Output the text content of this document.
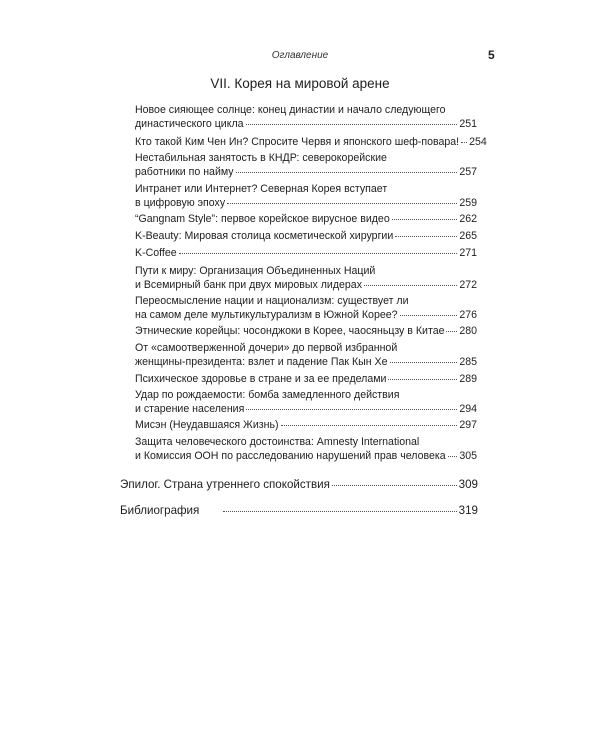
Оглавление	5
VII. Корея на мировой арене
Новое сияющее солнце: конец династии и начало следующего
династического цикла	251
Кто такой Ким Чен Ин? Спросите Червя и японского шеф-повара! 254
Нестабильная занятость в КНДР: северокорейские
работники по найму	257
Интранет или Интернет? Северная Корея вступает
в цифровую эпоху	259
“Gangnam Style”: первое корейское вирусное видео	262
K-Beauty: Мировая столица косметической хирургии	265
K-Coffee	271
Пути к миру: Организация Объединенных Наций
и Всемирный банк при двух мировых лидерах	272
Переосмысление нации и национализм: существует ли
на самом деле мультикультурализм в Южной Корее?	276
Этнические корейцы: чосонджоки в Корее, чаосяньцзу в Китае 280
От «самоотверженной дочери» до первой избранной
женщины-президента: взлет и падение Пак Кын Хе	285
Психическое здоровье в стране и за ее пределами	289
Удар по рождаемости: бомба замедленного действия
и старение населения	294
Мисэн (Неудавшаяся Жизнь)	297
Защита человеческого достоинства: Amnesty International
и Комиссия ООН по расследованию нарушений прав человека 305
Эпилог. Страна утреннего спокойствия	309
Библиография	319
